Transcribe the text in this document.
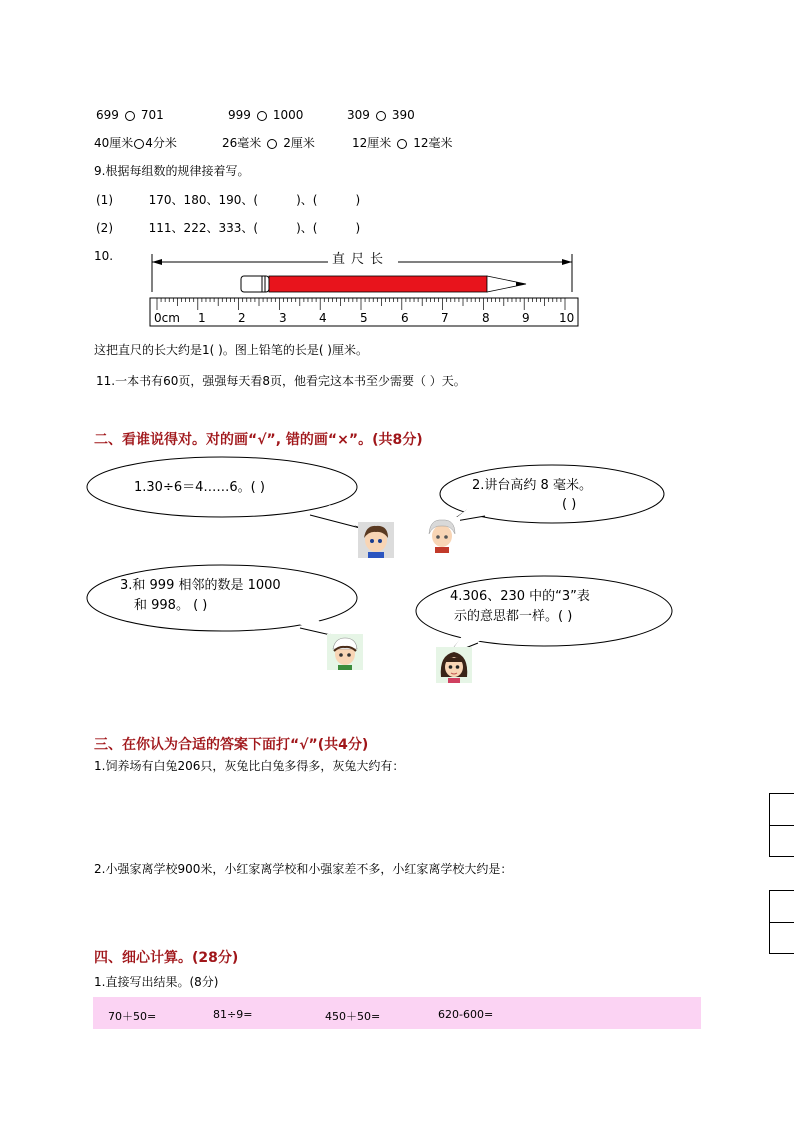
699 701	999 1000	309 390
40厘米 4分米	26毫米 2厘米	12厘米 12毫米
9.根据每组数的规律接着写。
(1)	170、180、190、(	)、(	)
(2)	111、222、333、(	)、(	)
10.	直尺长
0cm 1	2	3	4	5	6	7	8	9 10
这把直尺的长大约是1( )。图上铅笔的长是( )厘米。
11.一本书有60页，强强每天看8页，他看完这本书至少需要（ ）天。
二、看谁说得对。对的画“√”, 错的画“×”。(共8分)
1.30÷6＝4……6。( )	2.讲台高约 8 毫米。
( )
3.和 999 相邻的数是 1000
和 998。 ( )
4.306、230 中的“3”表
示的意思都一样。( )
三、在你认为合适的答案下面打“√”(共4分)
1.饲养场有白兔206只，灰兔比白兔多得多，灰兔大约有：
2.小强家离学校900米，小红家离学校和小强家差不多，小红家离学校大约是：
四、细心计算。(28分)
1.直接写出结果。(8分)
70＋50=	81÷9=	450＋50=	620-600=
